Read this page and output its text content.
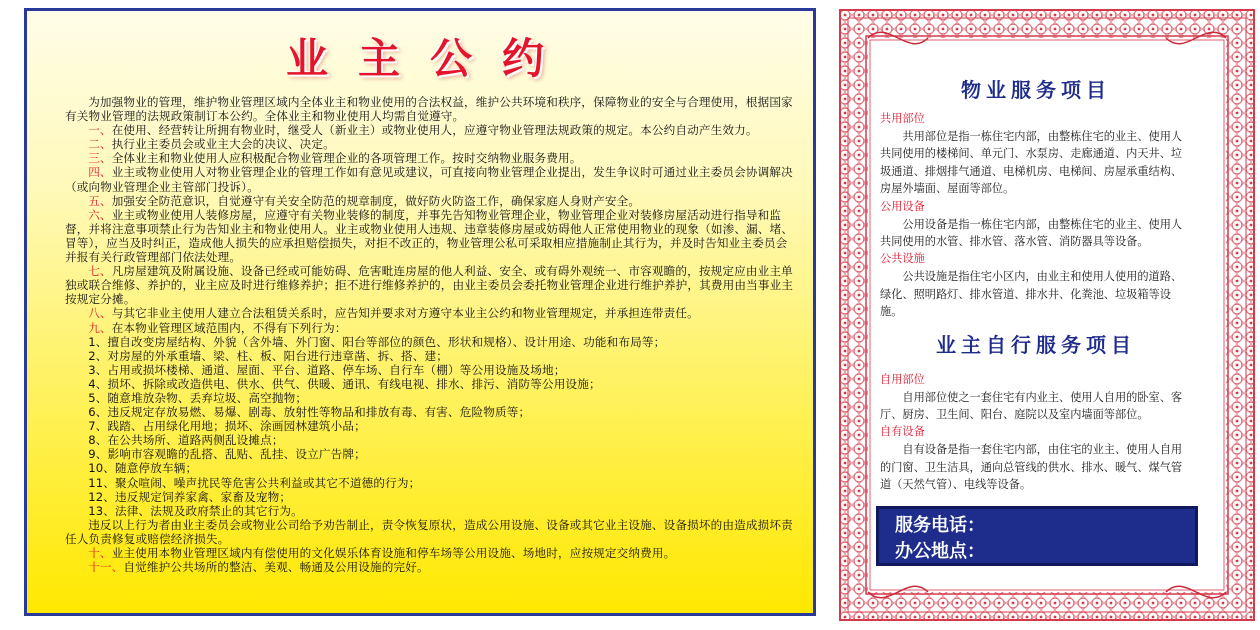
业主公约

为加强物业的管理，维护物业管理区域内全体业主和物业使用的合法权益，维护公共环境和秩序，保障物业的安全与合理使用，根据国家有关物业管理的法规政策制订本公约。全体业主和物业使用人均需自觉遵守。

一、在使用、经营转让所拥有物业时，继受人（新业主）或物业使用人，应遵守物业管理法规政策的规定。本公约自动产生效力。

二、执行业主委员会或业主大会的决议、决定。

三、全体业主和物业使用人应积极配合物业管理企业的各项管理工作。按时交纳物业服务费用。

四、业主或物业使用人对物业管理企业的管理工作如有意见或建议，可直接向物业管理企业提出，发生争议时可通过业主委员会协调解决（或向物业管理企业主管部门投诉）。

五、加强安全防范意识，自觉遵守有关安全防范的规章制度，做好防火防盗工作，确保家庭人身财产安全。

六、业主或物业使用人装修房屋，应遵守有关物业装修的制度，并事先告知物业管理企业，物业管理企业对装修房屋活动进行指导和监督，并将注意事项禁止行为告知业主和物业使用人。业主或物业使用人违规、违章装修房屋或妨碍他人正常使用物业的现象（如渗、漏、堵、冒等），应当及时纠正，造成他人损失的应承担赔偿损失，对拒不改正的，物业管理公私可采取相应措施制止其行为，并及时告知业主委员会并报有关行政管理部门依法处理。

七、凡房屋建筑及附属设施、设备已经或可能妨碍、危害毗连房屋的他人利益、安全、或有碍外观统一、市容观瞻的，按规定应由业主单独或联合维修、养护的，业主应及时进行维修养护；拒不进行维修养护的，由业主委员会委托物业管理企业进行维护养护，其费用由当事业主按规定分摊。

八、与其它非业主使用人建立合法租赁关系时，应告知并要求对方遵守本业主公约和物业管理规定，并承担连带责任。

九、在本物业管理区域范围内，不得有下列行为：

1、擅自改变房屋结构、外貌（含外墙、外门窗、阳台等部位的颜色、形状和规格）、设计用途、功能和布局等；

2、对房屋的外承重墙、梁、柱、板、阳台进行违章凿、拆、搭、建；

3、占用或损坏楼梯、通道、屋面、平台、道路、停车场、自行车（棚）等公用设施及场地；

4、损坏、拆除或改造供电、供水、供气、供暖、通讯、有线电视、排水、排污、消防等公用设施；

5、随意堆放杂物、丢弃垃圾、高空抛物；

6、违反规定存放易燃、易爆、剧毒、放射性等物品和排放有毒、有害、危险物质等；

7、践踏、占用绿化用地；损坏、涂画园林建筑小品；

8、在公共场所、道路两侧乱设摊点；

9、影响市容观瞻的乱搭、乱贴、乱挂、设立广告牌；

10、随意停放车辆；

11、聚众喧闹、噪声扰民等危害公共利益或其它不道德的行为；

12、违反规定饲养家禽、家畜及宠物；

13、法律、法规及政府禁止的其它行为。

违反以上行为者由业主委员会或物业公司给予劝告制止，责令恢复原状，造成公用设施、设备或其它业主设施、设备损坏的由造成损坏责任人负责修复或赔偿经济损失。

十、业主使用本物业管理区域内有偿使用的文化娱乐体育设施和停车场等公用设施、场地时，应按规定交纳费用。

十一、自觉维护公共场所的整洁、美观、畅通及公用设施的完好。

物业服务项目
共用部位
共用部位是指一栋住宅内部，由整栋住宅的业主、使用人共同使用的楼梯间、单元门、水泵房、走廊通道、内天井、垃圾通道、排烟排气通道、电梯机房、电梯间、房屋承重结构、房屋外墙面、屋面等部位。
公用设备
公用设备是指一栋住宅内部，由整栋住宅的业主、使用人共同使用的水管、排水管、落水管、消防器具等设备。
公共设施
公共设施是指住宅小区内，由业主和使用人使用的道路、绿化、照明路灯、排水管道、排水井、化粪池、垃圾箱等设施。
业主自行服务项目
自用部位
自用部位使之一套住宅有内业主、使用人自用的卧室、客厅、厨房、卫生间、阳台、庭院以及室内墙面等部位。
自有设备
自有设备是指一套住宅内部，由住宅的业主、使用人自用的门窗、卫生洁具，通向总管线的供水、排水、暖气、煤气管道（天然气管）、电线等设备。
服务电话：
办公地点：
